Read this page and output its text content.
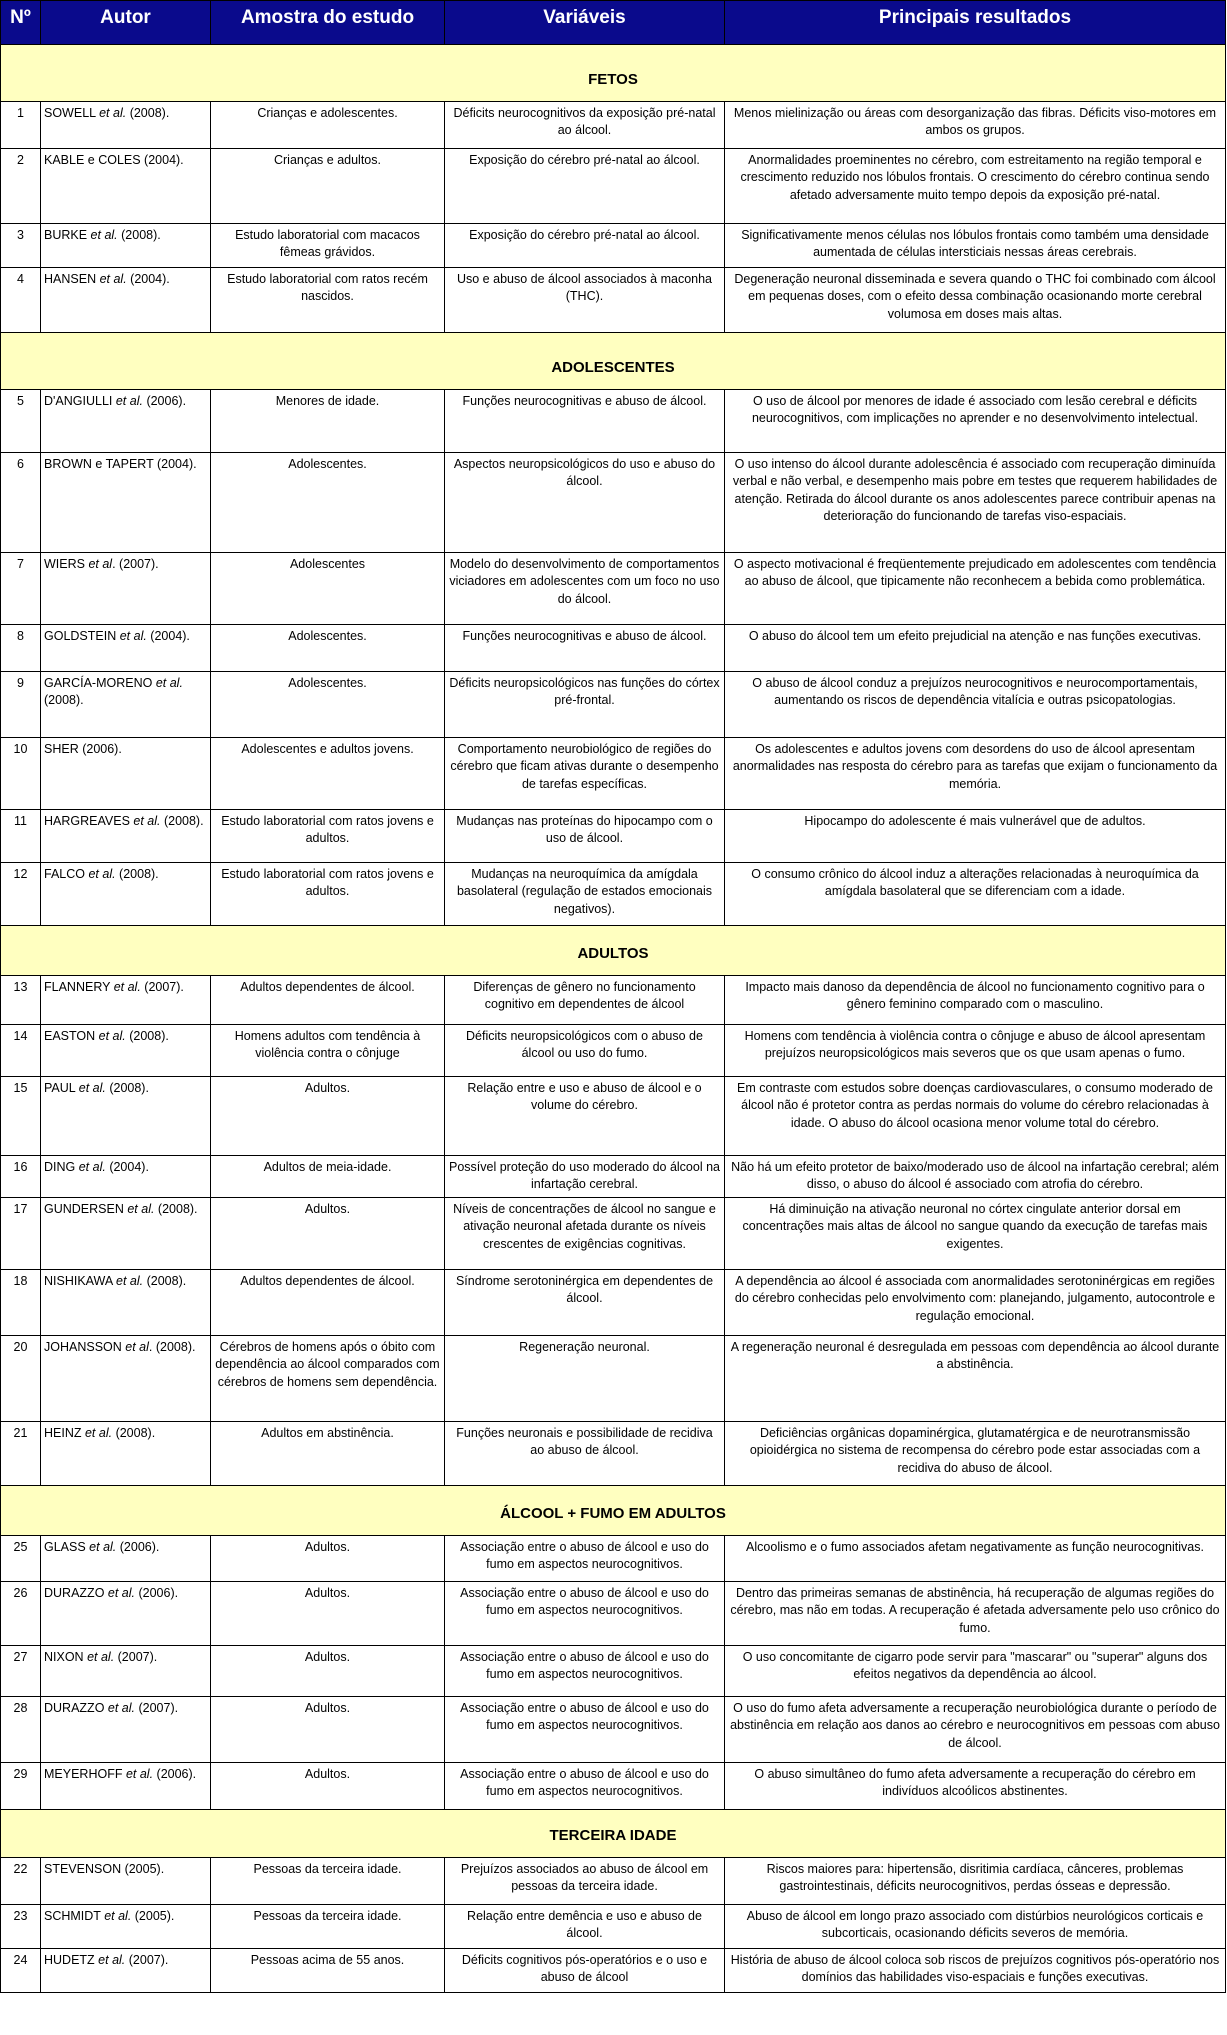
Nº	Autor	Amostra do estudo	Variáveis	Principais resultados
FETOS				
1	SOWELL et al. (2008).	Crianças e adolescentes.	Déficits neurocognitivos da exposição pré-natal ao álcool.	Menos mielinização ou áreas com desorganização das fibras. Déficits viso-motores em ambos os grupos.
2	KABLE e COLES (2004).	Crianças e adultos.	Exposição do cérebro pré-natal ao álcool.	Anormalidades proeminentes no cérebro, com estreitamento na região temporal e crescimento reduzido nos lóbulos frontais. O crescimento do cérebro continua sendo afetado adversamente muito tempo depois da exposição pré-natal.
3	BURKE et al. (2008).	Estudo laboratorial com macacos fêmeas grávidos.	Exposição do cérebro pré-natal ao álcool.	Significativamente menos células nos lóbulos frontais como também uma densidade aumentada de células intersticiais nessas áreas cerebrais.
4	HANSEN et al. (2004).	Estudo laboratorial com ratos recém nascidos.	Uso e abuso de álcool associados à maconha (THC).	Degeneração neuronal disseminada e severa quando o THC foi combinado com álcool em pequenas doses, com o efeito dessa combinação ocasionando morte cerebral volumosa em doses mais altas.
ADOLESCENTES				
5	D'ANGIULLI et al. (2006).	Menores de idade.	Funções neurocognitivas e abuso de álcool.	O uso de álcool por menores de idade é associado com lesão cerebral e déficits neurocognitivos, com implicações no aprender e no desenvolvimento intelectual.
6	BROWN e TAPERT (2004).	Adolescentes.	Aspectos neuropsicológicos do uso e abuso do álcool.	O uso intenso do álcool durante adolescência é associado com recuperação diminuída verbal e não verbal, e desempenho mais pobre em testes que requerem habilidades de atenção. Retirada do álcool durante os anos adolescentes parece contribuir apenas na deterioração do funcionando de tarefas viso-espaciais.
7	WIERS et al. (2007).	Adolescentes	Modelo do desenvolvimento de comportamentos viciadores em adolescentes com um foco no uso do álcool.	O aspecto motivacional é freqüentemente prejudicado em adolescentes com tendência ao abuso de álcool, que tipicamente não reconhecem a bebida como problemática.
8	GOLDSTEIN et al. (2004).	Adolescentes.	Funções neurocognitivas e abuso de álcool.	O abuso do álcool tem um efeito prejudicial na atenção e nas funções executivas.
9	GARCÍA-MORENO et al. (2008).	Adolescentes.	Déficits neuropsicológicos nas funções do córtex pré-frontal.	O abuso de álcool conduz a prejuízos neurocognitivos e neurocomportamentais, aumentando os riscos de dependência vitalícia e outras psicopatologias.
10	SHER (2006).	Adolescentes e adultos jovens.	Comportamento neurobiológico de regiões do cérebro que ficam ativas durante o desempenho de tarefas específicas.	Os adolescentes e adultos jovens com desordens do uso de álcool apresentam anormalidades nas resposta do cérebro para as tarefas que exijam o funcionamento da memória.
11	HARGREAVES et al. (2008).	Estudo laboratorial com ratos jovens e adultos.	Mudanças nas proteínas do hipocampo com o uso de álcool.	Hipocampo do adolescente é mais vulnerável que de adultos.
12	FALCO et al. (2008).	Estudo laboratorial com ratos jovens e adultos.	Mudanças na neuroquímica da amígdala basolateral (regulação de estados emocionais negativos).	O consumo crônico do álcool induz a alterações relacionadas à neuroquímica da amígdala basolateral que se diferenciam com a idade.
ADULTOS				
13	FLANNERY et al. (2007).	Adultos dependentes de álcool.	Diferenças de gênero no funcionamento cognitivo em dependentes de álcool	Impacto mais danoso da dependência de álcool no funcionamento cognitivo para o gênero feminino comparado com o masculino.
14	EASTON et al. (2008).	Homens adultos com tendência à violência contra o cônjuge	Déficits neuropsicológicos com o abuso de álcool ou uso do fumo.	Homens com tendência à violência contra o cônjuge e abuso de álcool apresentam prejuízos neuropsicológicos mais severos que os que usam apenas o fumo.
15	PAUL et al. (2008).	Adultos.	Relação entre e uso e abuso de álcool e o volume do cérebro.	Em contraste com estudos sobre doenças cardiovasculares, o consumo moderado de álcool não é protetor contra as perdas normais do volume do cérebro relacionadas à idade. O abuso do álcool ocasiona menor volume total do cérebro.
16	DING et al. (2004).	Adultos de meia-idade.	Possível proteção do uso moderado do álcool na infartação cerebral.	Não há um efeito protetor de baixo/moderado uso de álcool na infartação cerebral; além disso, o abuso do álcool é associado com atrofia do cérebro.
17	GUNDERSEN et al. (2008).	Adultos.	Níveis de concentrações de álcool no sangue e ativação neuronal afetada durante os níveis crescentes de exigências cognitivas.	Há diminuição na ativação neuronal no córtex cingulate anterior dorsal em concentrações mais altas de álcool no sangue quando da execução de tarefas mais exigentes.
18	NISHIKAWA et al. (2008).	Adultos dependentes de álcool.	Síndrome serotoninérgica em dependentes de álcool.	A dependência ao álcool é associada com anormalidades serotoninérgicas em regiões do cérebro conhecidas pelo envolvimento com: planejando, julgamento, autocontrole e regulação emocional.
20	JOHANSSON et al. (2008).	Cérebros de homens após o óbito com dependência ao álcool comparados com cérebros de homens sem dependência.	Regeneração neuronal.	A regeneração neuronal é desregulada em pessoas com dependência ao álcool durante a abstinência.
21	HEINZ et al. (2008).	Adultos em abstinência.	Funções neuronais e possibilidade de recidiva ao abuso de álcool.	Deficiências orgânicas dopaminérgica, glutamatérgica e de neurotransmissão opioidérgica no sistema de recompensa do cérebro pode estar associadas com a recidiva do abuso de álcool.
ÁLCOOL + FUMO EM ADULTOS				
25	GLASS et al. (2006).	Adultos.	Associação entre o abuso de álcool e uso do fumo em aspectos neurocognitivos.	Alcoolismo e o fumo associados afetam negativamente as função neurocognitivas.
26	DURAZZO et al. (2006).	Adultos.	Associação entre o abuso de álcool e uso do fumo em aspectos neurocognitivos.	Dentro das primeiras semanas de abstinência, há recuperação de algumas regiões do cérebro, mas não em todas. A recuperação é afetada adversamente pelo uso crônico do fumo.
27	NIXON et al. (2007).	Adultos.	Associação entre o abuso de álcool e uso do fumo em aspectos neurocognitivos.	O uso concomitante de cigarro pode servir para "mascarar" ou "superar" alguns dos efeitos negativos da dependência ao álcool.
28	DURAZZO et al. (2007).	Adultos.	Associação entre o abuso de álcool e uso do fumo em aspectos neurocognitivos.	O uso do fumo afeta adversamente a recuperação neurobiológica durante o período de abstinência em relação aos danos ao cérebro e neurocognitivos em pessoas com abuso de álcool.
29	MEYERHOFF et al. (2006).	Adultos.	Associação entre o abuso de álcool e uso do fumo em aspectos neurocognitivos.	O abuso simultâneo do fumo afeta adversamente a recuperação do cérebro em indivíduos alcoólicos abstinentes.
TERCEIRA IDADE				
22	STEVENSON (2005).	Pessoas da terceira idade.	Prejuízos associados ao abuso de álcool em pessoas da terceira idade.	Riscos maiores para: hipertensão, disritimia cardíaca, cânceres, problemas gastrointestinais, déficits neurocognitivos, perdas ósseas e depressão.
23	SCHMIDT et al. (2005).	Pessoas da terceira idade.	Relação entre demência e uso e abuso de álcool.	Abuso de álcool em longo prazo associado com distúrbios neurológicos corticais e subcorticais, ocasionando déficits severos de memória.
24	HUDETZ et al. (2007).	Pessoas acima de 55 anos.	Déficits cognitivos pós-operatórios e o uso e abuso de álcool	História de abuso de álcool coloca sob riscos de prejuízos cognitivos pós-operatório nos domínios das habilidades viso-espaciais e funções executivas.
